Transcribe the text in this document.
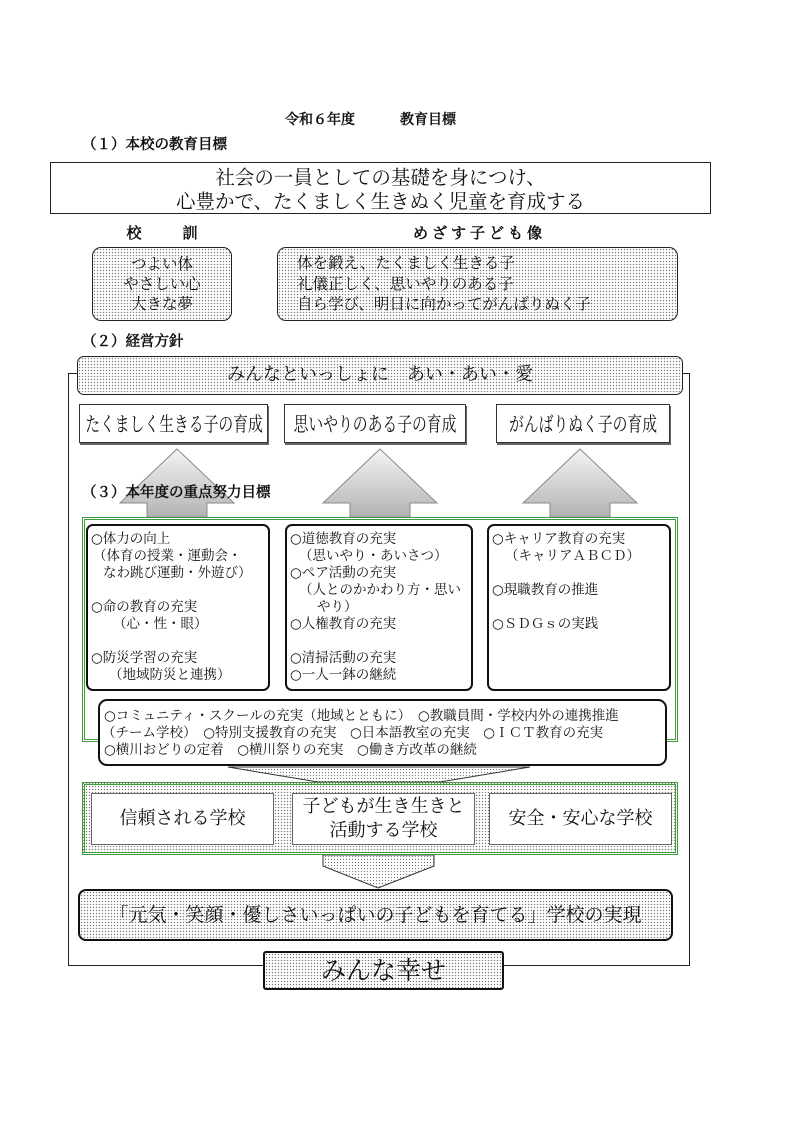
令和６年度	教育目標
（１）本校の教育目標
社会の一員としての基礎を身につけ、
心豊かで、たくましく生きぬく児童を育成する
校　訓	めざす子ども像
つよい体
やさしい心
大きな夢
体を鍛え、たくましく生きる子
礼儀正しく、思いやりのある子
自ら学び、明日に向かってがんばりぬく子
（２）経営方針
みんなといっしょに　あい・あい・愛
たくましく生きる子の育成 思いやりのある子の育成	がんばりぬく子の育成
（３）本年度の重点努力目標
○体力の向上
（体育の授業・運動会・
なわ跳び運動・外遊び）
○命の教育の充実
（心・性・眼）
○防災学習の充実
（地域防災と連携）
○道徳教育の充実
（思いやり・あいさつ）
○ペア活動の充実
（人とのかかわり方・思い
やり）
○人権教育の充実
○清掃活動の充実
○一人一鉢の継続
○キャリア教育の充実
（キャリアＡＢＣＤ）
○現職教育の推進
○ＳＤＧｓの実践
○コミュニティ・スクールの充実（地域とともに）　○教職員間・学校内外の連携推進
（チーム学校）　○特別支援教育の充実　○日本語教室の充実　○ＩＣＴ教育の充実
○横川おどりの定着　○横川祭りの充実　○働き方改革の継続
信頼される学校
子どもが生き生きと
活動する学校
安全・安心な学校
「元気・笑顔・優しさいっぱいの子どもを育てる」学校の実現
みんな幸せ
